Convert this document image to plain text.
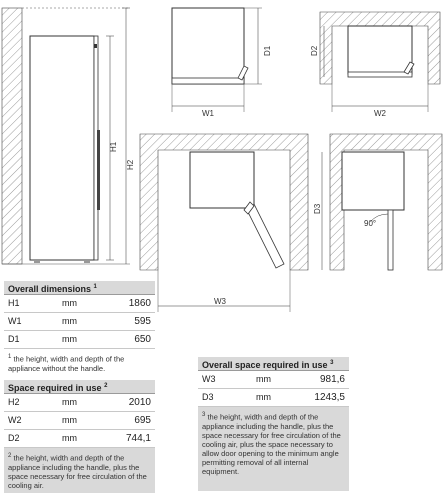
H1
H2
W1
D1
W2
D2
D3
90°
W3
Overall dimensions $^1$
H1	mm	1860
W1	mm	595
D1	mm	650
$^1$ the height, width and depth of the appliance without the handle.
Space required in use $^2$
H2	mm	2010
W2	mm	695
D2	mm	744,1
$^2$ the height, width and depth of the appliance including the handle, plus the space necessary for free circulation of the cooling air.
Overall space required in use $^3$
W3	mm	981,6
D3	mm	1243,5
$^3$ the height, width and depth of the appliance including the handle, plus the space necessary for free circulation of the cooling air, plus the space necessary to allow door opening to the minimum angle permitting removal of all internal equipment.
